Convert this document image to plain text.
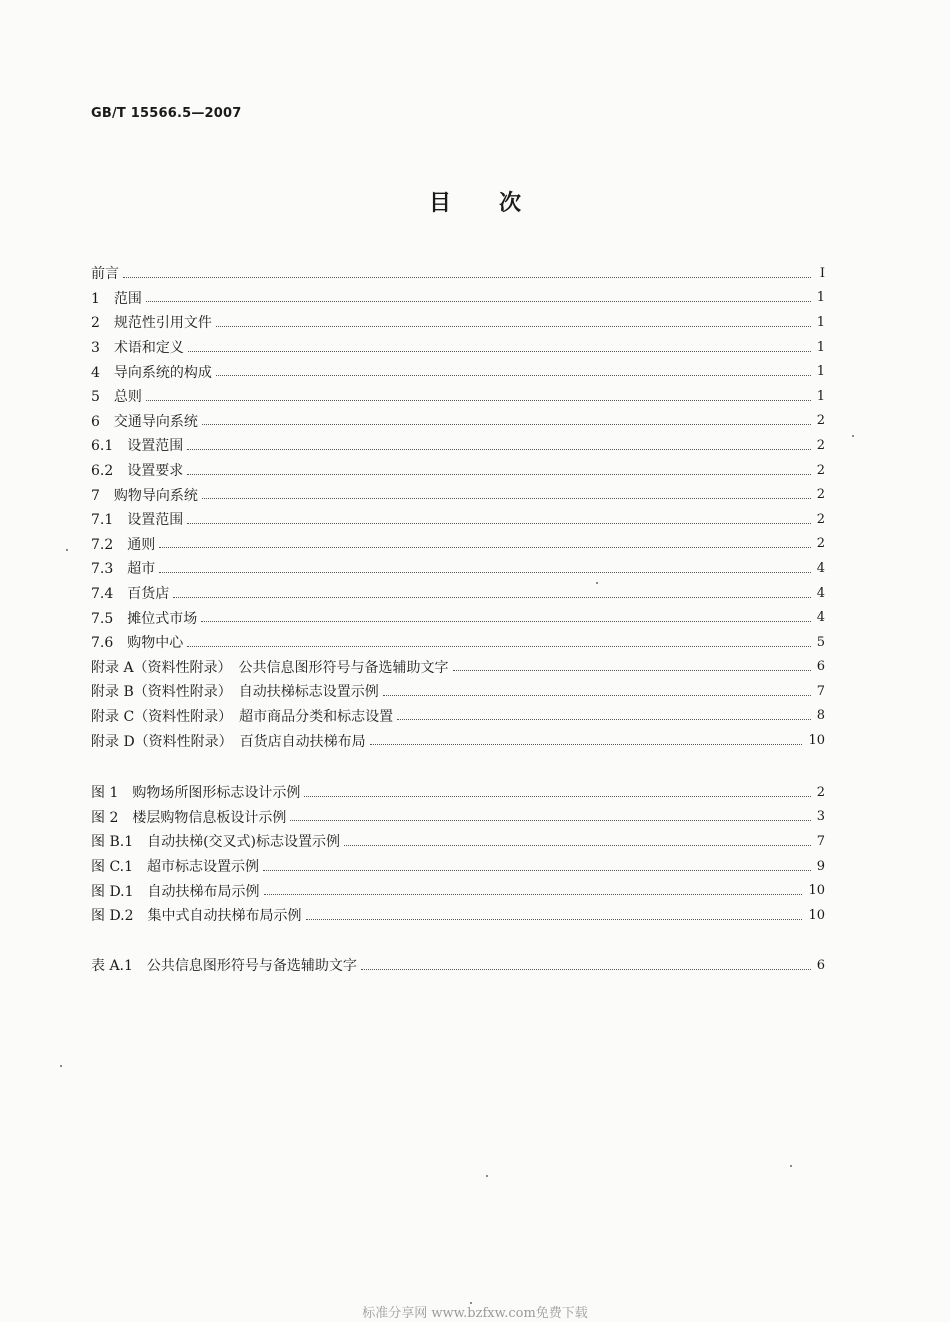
GB/T 15566.5—2007
目 次
前言	I
1　范围	1
2　规范性引用文件	1
3　术语和定义	1
4　导向系统的构成	1
5　总则	1
6　交通导向系统	2
6.1　设置范围	2
6.2　设置要求	2
7　购物导向系统	2
7.1　设置范围	2
7.2　通则	2
7.3　超市	4
7.4　百货店	4
7.5　摊位式市场	4
7.6　购物中心	5
附录 A（资料性附录）　公共信息图形符号与备选辅助文字	6
附录 B（资料性附录）　自动扶梯标志设置示例	7
附录 C（资料性附录）　超市商品分类和标志设置	8
附录 D（资料性附录）　百货店自动扶梯布局	10
图 1　购物场所图形标志设计示例	2
图 2　楼层购物信息板设计示例	3
图 B.1　自动扶梯(交叉式)标志设置示例	7
图 C.1　超市标志设置示例	9
图 D.1　自动扶梯布局示例	10
图 D.2　集中式自动扶梯布局示例	10
表 A.1　公共信息图形符号与备选辅助文字	6
标准分享网 www.bzfxw.com免费下载
